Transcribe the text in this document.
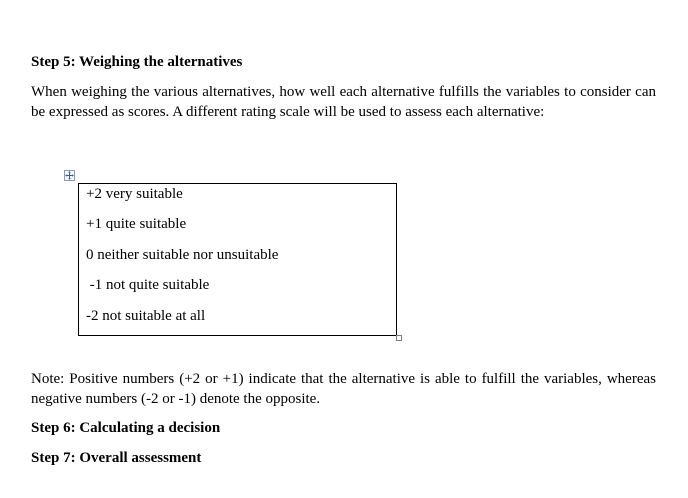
Step 5: Weighing the alternatives

When weighing the various alternatives, how well each alternative fulfills the variables to consider can be expressed as scores. A different rating scale will be used to assess each alternative:

+2 very suitable
+1 quite suitable
0 neither suitable nor unsuitable
-1 not quite suitable
-2 not suitable at all

Note: Positive numbers (+2 or +1) indicate that the alternative is able to fulfill the variables, whereas negative numbers (-2 or -1) denote the opposite.

Step 6: Calculating a decision
Step 7: Overall assessment
